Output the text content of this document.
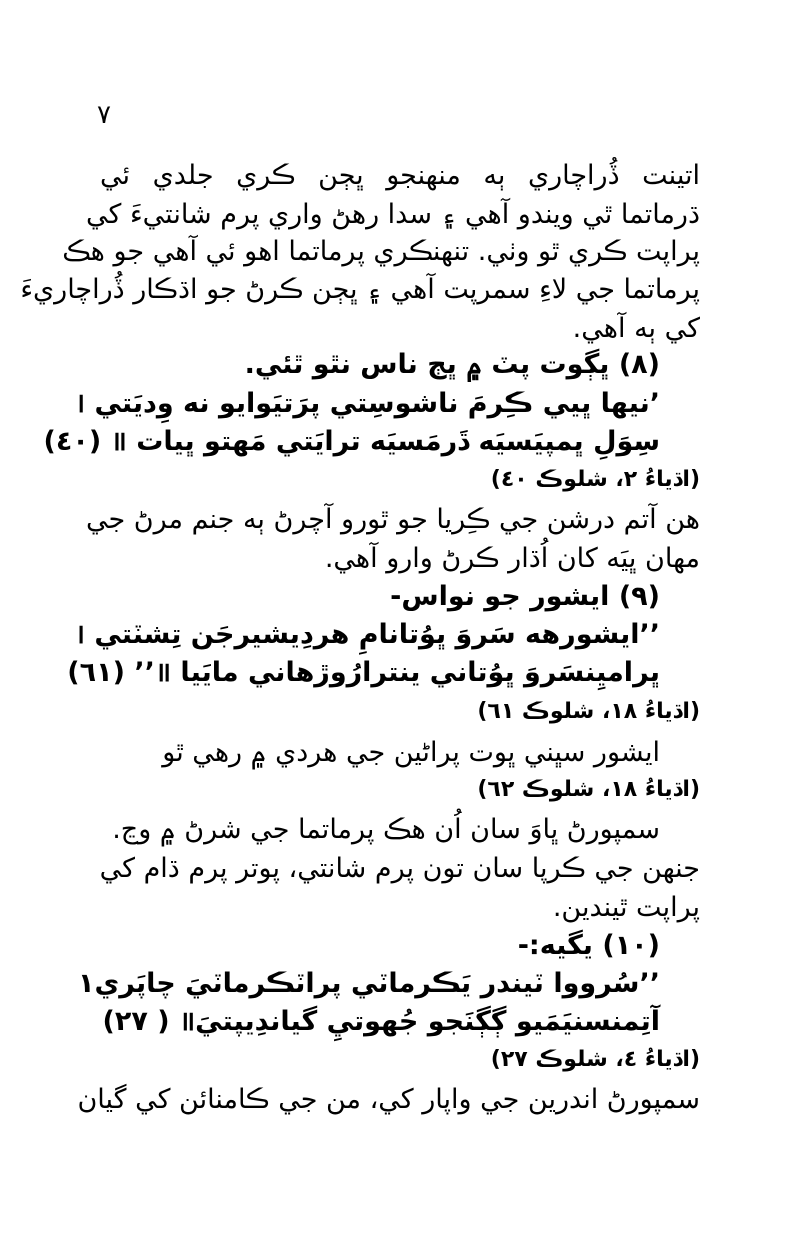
٧
اتينت ڏُراچاري ٻه منهنجو ڀڄن ڪري جلدي ئي
ڌرماتما ٿي ويندو آهي ۽ سدا رهڻ واري پرم شانتيءَ کي
پراپت ڪري ٿو وٺي. تنهنڪري پرماتما اهو ئي آهي جو هڪ
پرماتما جي لاءِ سمرپت آهي ۽ ڀڄن ڪرڻ جو اڌڪار ڏُراچاريءَ
کي ٻه آهي.
(٨) ڀڳوت پٽ ۾ ڀڄ ناس نٿو ٿئي.
’نيها ڀيي ڪِرمَ ناشوسِتي پرَتيَوايو نه وِديَتي ।
سِوَلِ ڀمپيَسيَه ڌَرمَسيَه ترايَتي مَهتو ڀيات ॥ (٤٠)
(اڌياءُ ٢، شلوڪ ٤٠)
هن آتم درشن جي ڪِريا جو ٿورو آچرڻ ٻه جنم مرڻ جي
مهان ڀيَه کان اُڌار ڪرڻ وارو آهي.
(٩) ايشور جو نواس-
’’ايشورهه سَروَ ڀوُتانامِ هردِيشيرجَن تِشٽتي ।
ڀراميِنسَروَ ڀوُتاني ينترارُوڙهاني مايَيا ॥’’ (٦١)
(اڌياءُ ١٨، شلوڪ ٦١)
ايشور سڀني ڀوت پراڻين جي هردي ۾ رهي ٿو
(اڌياءُ ١٨، شلوڪ ٦٢)
سمپورڻ ڀاوَ سان اُن هڪ پرماتما جي شرڻ ۾ وڃ.
جنهن جي ڪرپا سان تون پرم شانتي، پوتر پرم ڌام کي
پراپت ٿيندين.
(١٠) يگيه:-
’’سُرووا ٽيندر يَڪرماٽي پراٽڪرماٽيَ چاپَري۱
آتِمنسنيَمَيو ڳڳنَجو جُهوتيِ گياندِيپتيَ॥ ( ٢٧)
(اڌياءُ ٤، شلوڪ ٢٧)
سمپورڻ اندرين جي واپار کي، من جي ڪامنائن کي گيان
